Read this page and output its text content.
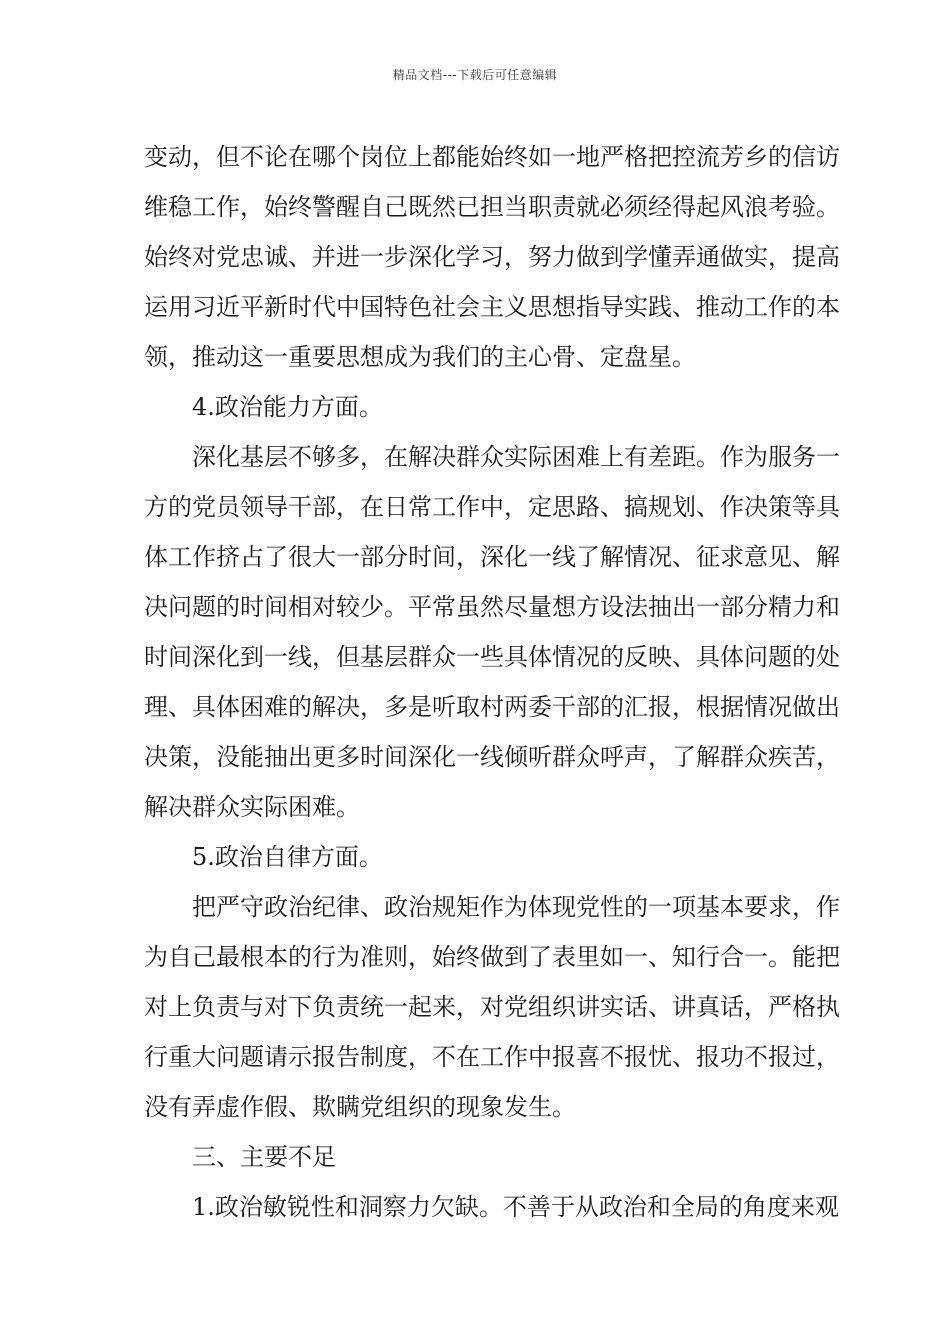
精品文档---下载后可任意编辑
变动，但不论在哪个岗位上都能始终如一地严格把控流芳乡的信访
维稳工作，始终警醒自己既然已担当职责就必须经得起风浪考验。
始终对党忠诚、并进一步深化学习，努力做到学懂弄通做实，提高
运用习近平新时代中国特色社会主义思想指导实践、推动工作的本
领，推动这一重要思想成为我们的主心骨、定盘星。
4.政治能力方面。
深化基层不够多，在解决群众实际困难上有差距。作为服务一
方的党员领导干部，在日常工作中，定思路、搞规划、作决策等具
体工作挤占了很大一部分时间，深化一线了解情况、征求意见、解
决问题的时间相对较少。平常虽然尽量想方设法抽出一部分精力和
时间深化到一线，但基层群众一些具体情况的反映、具体问题的处
理、具体困难的解决，多是听取村两委干部的汇报，根据情况做出
决策，没能抽出更多时间深化一线倾听群众呼声，了解群众疾苦，
解决群众实际困难。
5.政治自律方面。
把严守政治纪律、政治规矩作为体现党性的一项基本要求，作
为自己最根本的行为准则，始终做到了表里如一、知行合一。能把
对上负责与对下负责统一起来，对党组织讲实话、讲真话，严格执
行重大问题请示报告制度，不在工作中报喜不报忧、报功不报过，
没有弄虚作假、欺瞒党组织的现象发生。
三、主要不足
1.政治敏锐性和洞察力欠缺。不善于从政治和全局的角度来观
